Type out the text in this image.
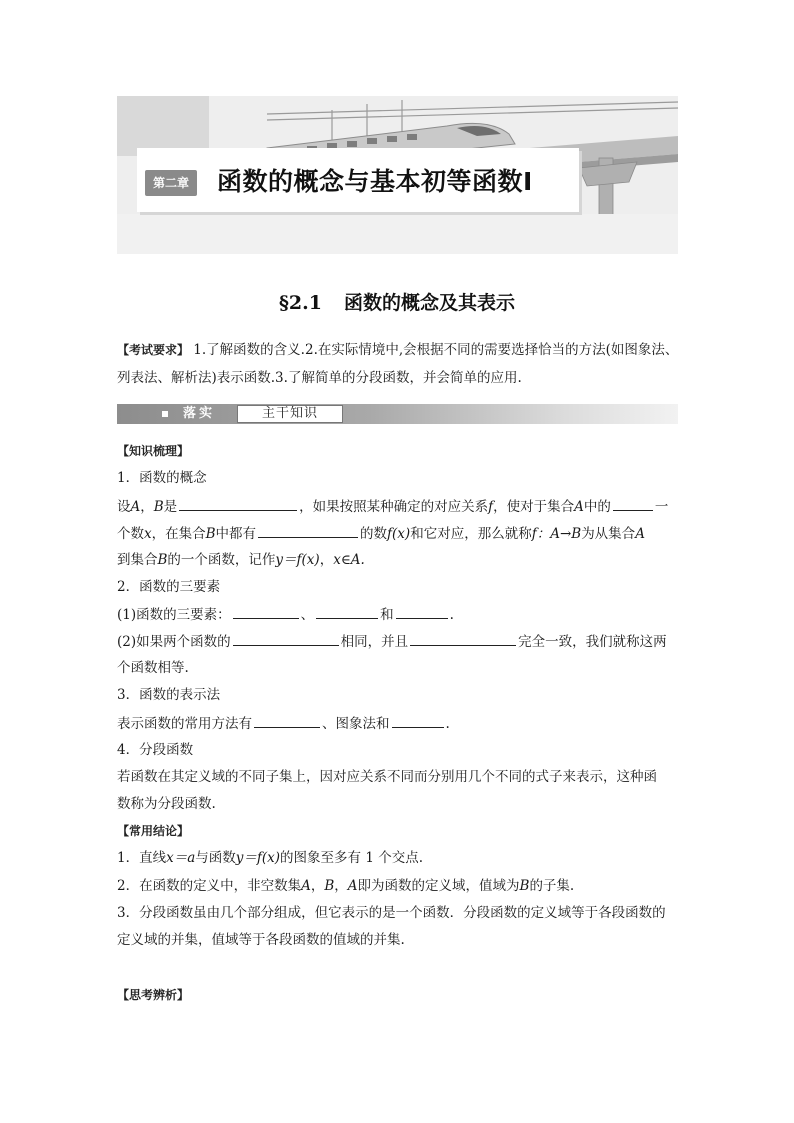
第二章	函数的概念与基本初等函数Ⅰ
§2.1 函数的概念及其表示
【考试要求】 1.了解函数的含义.2.在实际情境中,会根据不同的需要选择恰当的方法(如图象法、
列表法、解析法)表示函数.3.了解简单的分段函数，并会简单的应用.
落实	主干知识
【知识梳理】
1．函数的概念
设A，B是	，如果按照某种确定的对应关系f，使对于集合A中的	一
个数x，在集合B中都有	的数f(x)和它对应，那么就称f：A→B为从集合A
到集合B的一个函数，记作y＝f(x)，x∈A.
2．函数的三要素
(1)函数的三要素：	、	和	.
(2)如果两个函数的	相同，并且	完全一致，我们就称这两
个函数相等.
3．函数的表示法
表示函数的常用方法有	、图象法和	.
4．分段函数
若函数在其定义域的不同子集上，因对应关系不同而分别用几个不同的式子来表示，这种函
数称为分段函数.
【常用结论】
1．直线x＝a与函数y＝f(x)的图象至多有 1 个交点.
2．在函数的定义中，非空数集A，B，A即为函数的定义域，值域为B的子集.
3．分段函数虽由几个部分组成，但它表示的是一个函数．分段函数的定义域等于各段函数的
定义域的并集，值域等于各段函数的值域的并集.
【思考辨析】
